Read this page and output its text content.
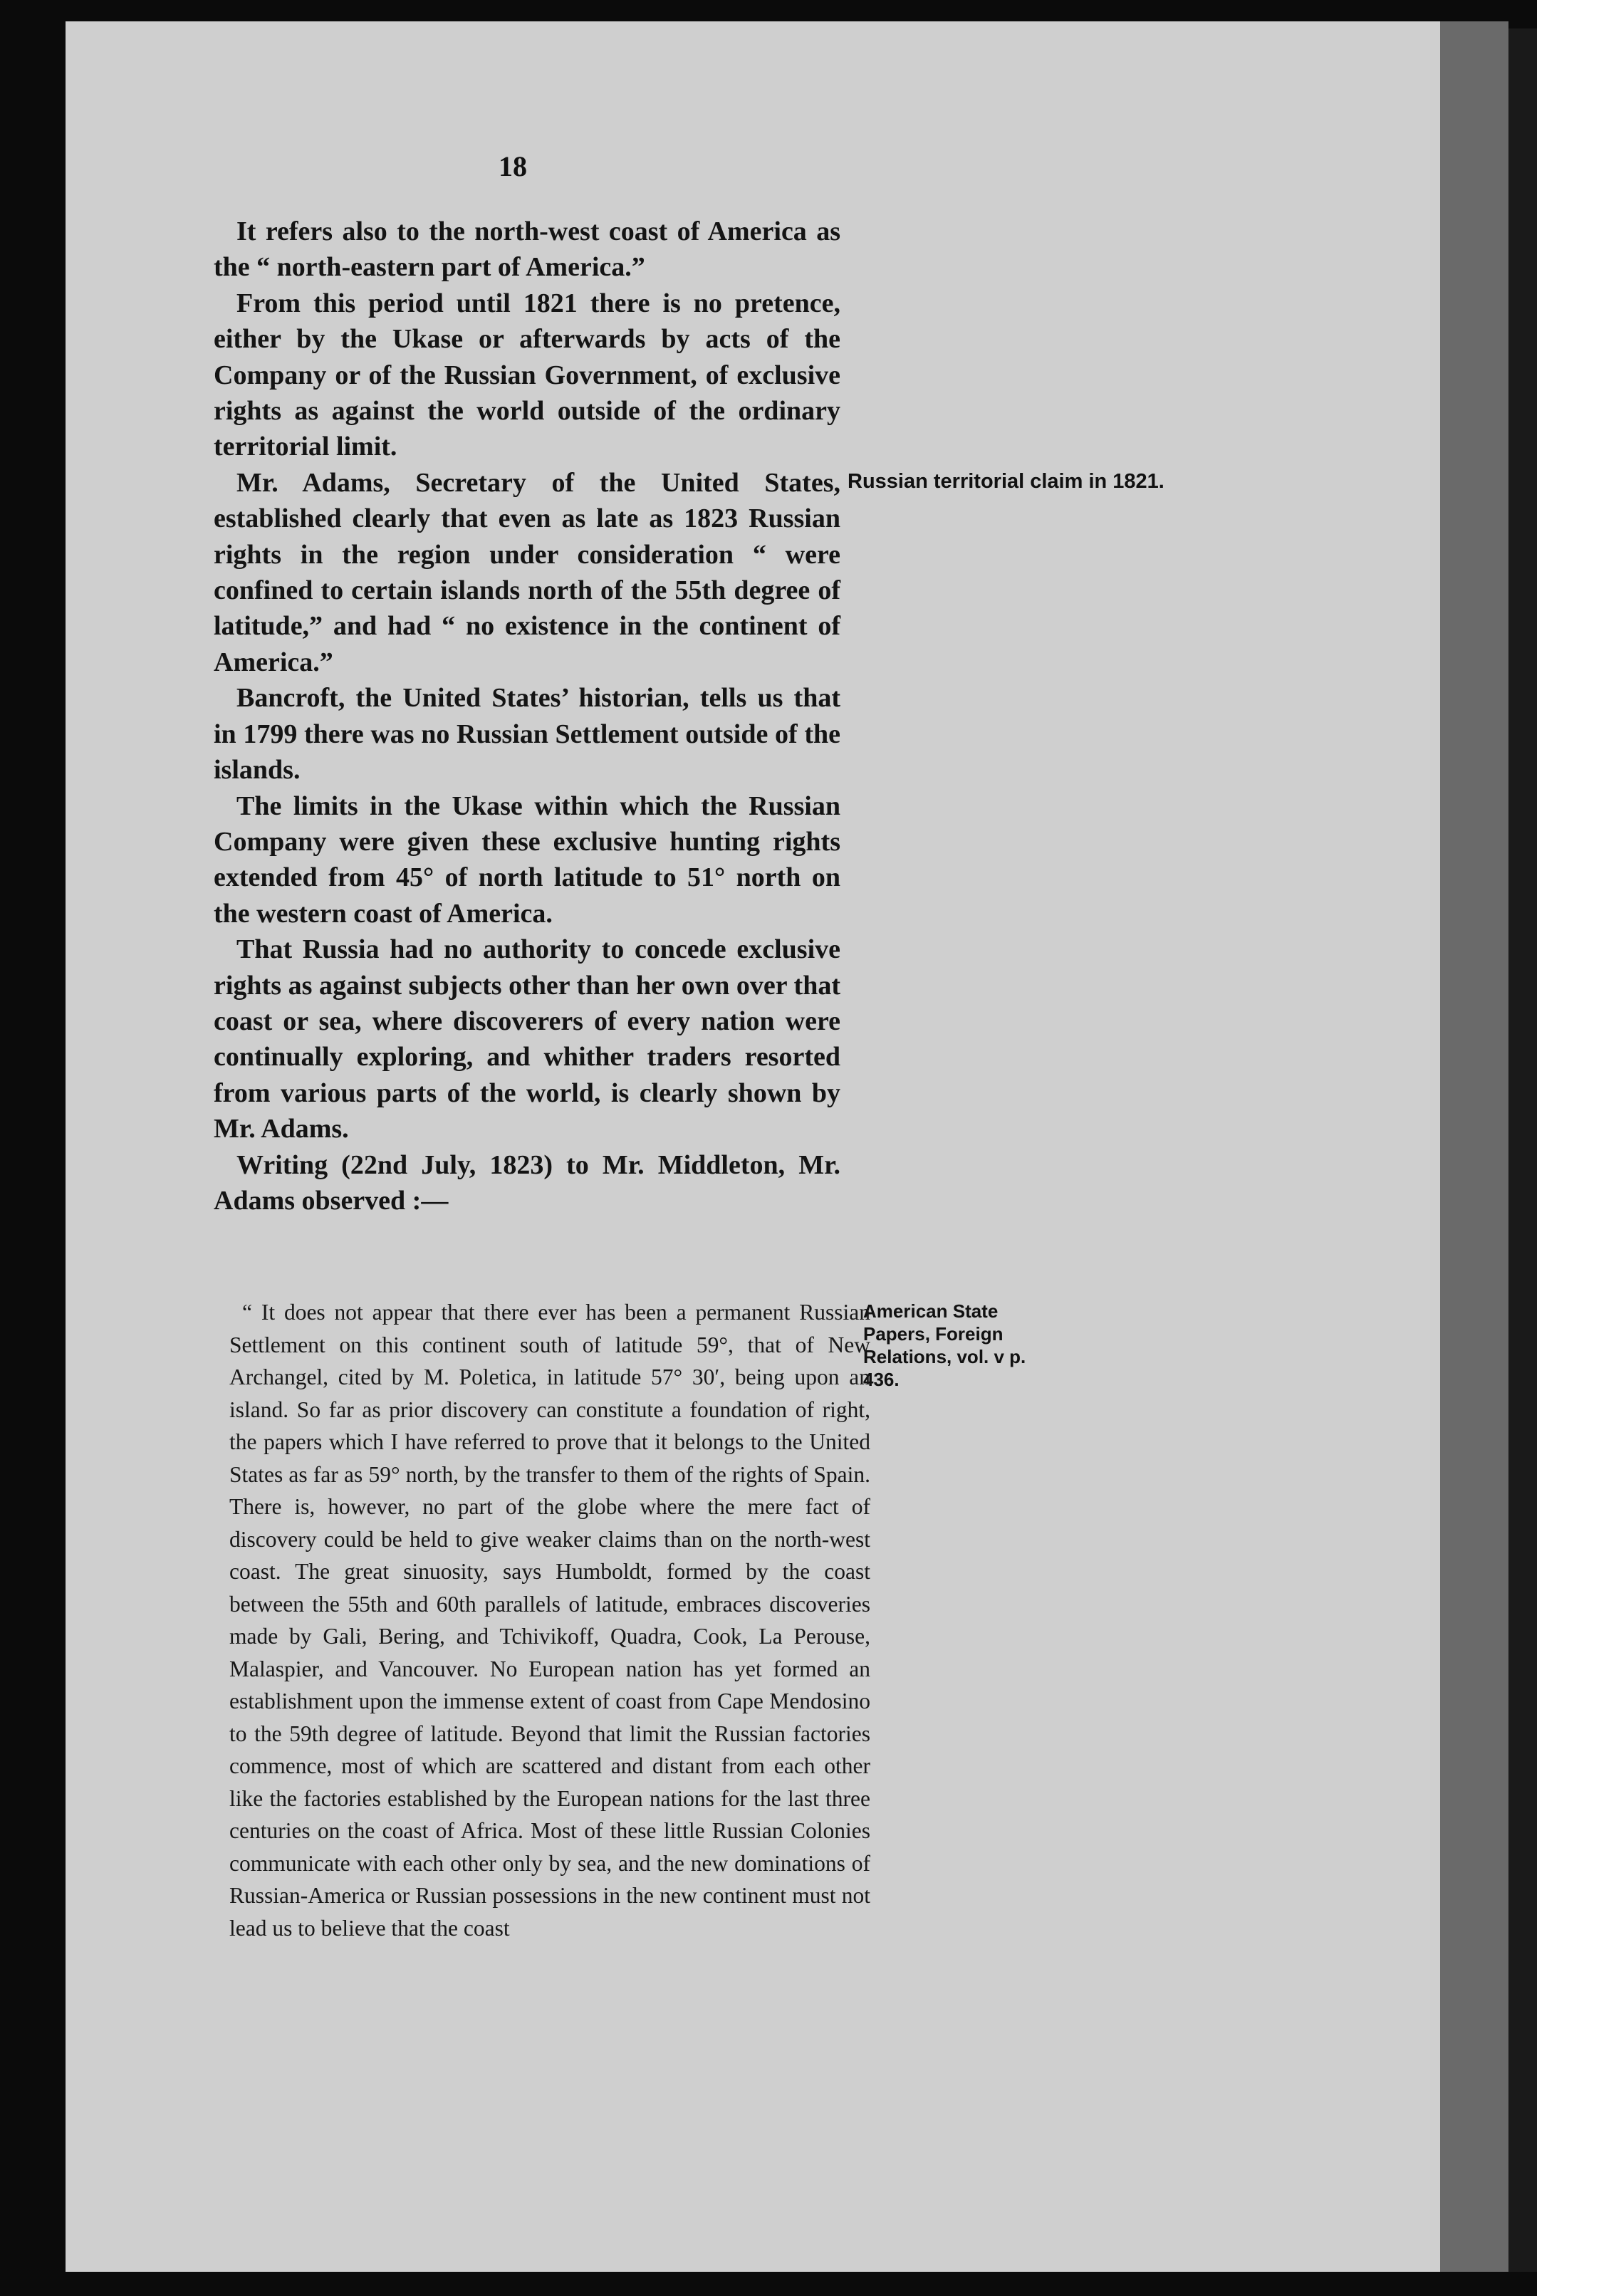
18

It refers also to the north-west coast of America as the “ north-eastern part of America.”

From this period until 1821 there is no pretence, either by the Ukase or afterwards by acts of the Company or of the Russian Government, of exclusive rights as against the world outside of the ordinary territorial limit.

Mr. Adams, Secretary of the United States, established clearly that even as late as 1823 Russian rights in the region under consideration “ were confined to certain islands north of the 55th degree of latitude,” and had “ no existence in the continent of America.”

Bancroft, the United States’ historian, tells us that in 1799 there was no Russian Settlement outside of the islands.

The limits in the Ukase within which the Russian Company were given these exclusive hunting rights extended from 45° of north latitude to 51° north on the western coast of America.

That Russia had no authority to concede exclusive rights as against subjects other than her own over that coast or sea, where discoverers of every nation were continually exploring, and whither traders resorted from various parts of the world, is clearly shown by Mr. Adams.

Writing (22nd July, 1823) to Mr. Middleton, Mr. Adams observed :—

Russian territorial claim in 1821.
American State Papers, Foreign Relations, vol. v p. 436.

“ It does not appear that there ever has been a permanent Russian Settlement on this continent south of latitude 59°, that of New Archangel, cited by M. Poletica, in latitude 57° 30′, being upon an island. So far as prior discovery can constitute a foundation of right, the papers which I have referred to prove that it belongs to the United States as far as 59° north, by the transfer to them of the rights of Spain. There is, however, no part of the globe where the mere fact of discovery could be held to give weaker claims than on the north-west coast. The great sinuosity, says Humboldt, formed by the coast between the 55th and 60th parallels of latitude, embraces discoveries made by Gali, Bering, and Tchivikoff, Quadra, Cook, La Perouse, Malaspier, and Vancouver. No European nation has yet formed an establishment upon the immense extent of coast from Cape Mendosino to the 59th degree of latitude. Beyond that limit the Russian factories commence, most of which are scattered and distant from each other like the factories established by the European nations for the last three centuries on the coast of Africa. Most of these little Russian Colonies communicate with each other only by sea, and the new dominations of Russian-America or Russian possessions in the new continent must not lead us to believe that the coast
